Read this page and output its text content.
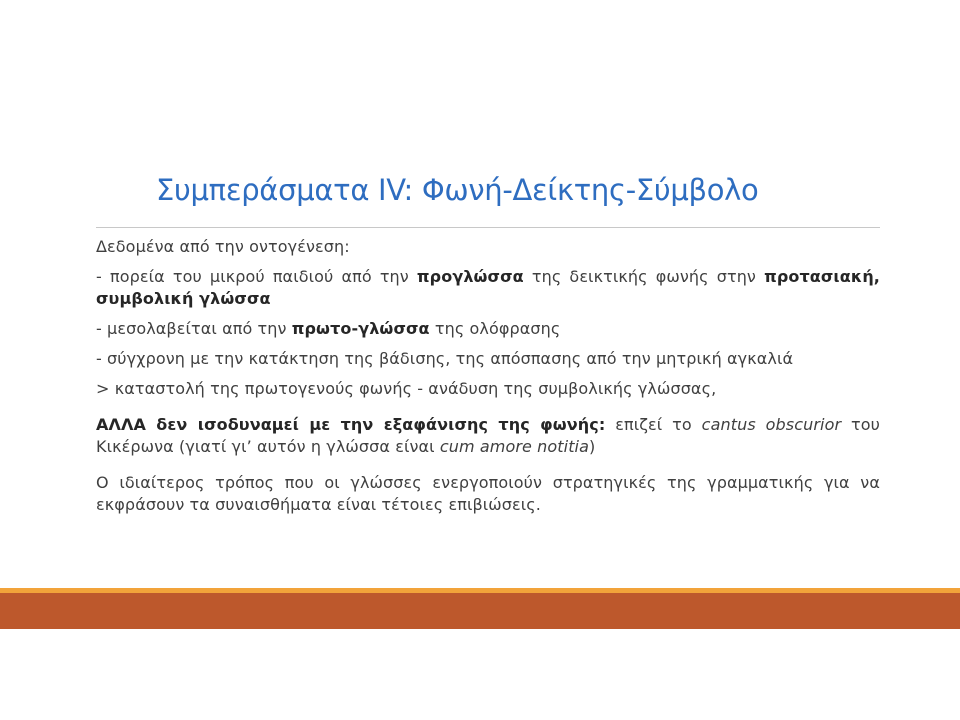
Συμπεράσματα IV: Φωνή-Δείκτης-Σύμβολο

Δεδομένα από την οντογένεση:

- πορεία του μικρού παιδιού από την προγλώσσα της δεικτικής φωνής στην προτασιακή, συμβολική γλώσσα

- μεσολαβείται από την πρωτο-γλώσσα της ολόφρασης

- σύγχρονη με την κατάκτηση της βάδισης, της απόσπασης από την μητρική αγκαλιά

> καταστολή της πρωτογενούς φωνής - ανάδυση της συμβολικής γλώσσας,

ΑΛΛΑ δεν ισοδυναμεί με την εξαφάνισης της φωνής: επιζεί το cantus obscurior του Κικέρωνα (γιατί γι’ αυτόν η γλώσσα είναι cum amore notitia)

Ο ιδιαίτερος τρόπος που οι γλώσσες ενεργοποιούν στρατηγικές της γραμματικής για να εκφράσουν τα συναισθήματα είναι τέτοιες επιβιώσεις.
